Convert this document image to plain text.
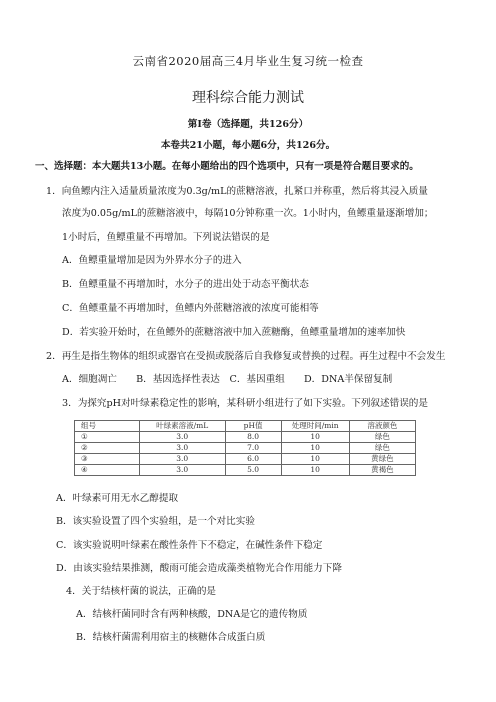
云南省2020届高三4月毕业生复习统一检查
理科综合能力测试
第I卷（选择题，共126分）
本卷共21小题，每小题6分，共126分。
一、选择题：本大题共13小题。在每小题给出的四个选项中，只有一项是符合题目要求的。
1．向鱼鳔内注入适量质量浓度为0.3g/mL的蔗糖溶液，扎紧口并称重，然后将其浸入质量
浓度为0.05g/mL的蔗糖溶液中，每隔10分钟称重一次。1小时内，鱼鳔重量逐渐增加；
1小时后，鱼鳔重量不再增加。下列说法错误的是
A．鱼鳔重量增加是因为外界水分子的进入
B．鱼鳔重量不再增加时，水分子的进出处于动态平衡状态
C．鱼鳔重量不再增加时，鱼鳔内外蔗糖溶液的浓度可能相等
D．若实验开始时，在鱼鳔外的蔗糖溶液中加入蔗糖酶，鱼鳔重量增加的速率加快
2．再生是指生物体的组织或器官在受损或脱落后自我修复或替换的过程。再生过程中不会发生
A．细胞凋亡　　B．基因选择性表达　C．基因重组　　D．DNA半保留复制
3．为探究pH对叶绿素稳定性的影响，某科研小组进行了如下实验。下列叙述错误的是
组号	叶绿素溶液/mL	pH值	处理时间/min	溶液颜色
①	3.0	8.0	10	绿色
②	3.0	7.0	10	绿色
③	3.0	6.0	10	黄绿色
④	3.0	5.0	10	黄褐色
A．叶绿素可用无水乙醇提取
B．该实验设置了四个实验组，是一个对比实验
C．该实验说明叶绿素在酸性条件下不稳定，在碱性条件下稳定
D．由该实验结果推测，酸雨可能会造成藻类植物光合作用能力下降
4．关于结核杆菌的说法，正确的是
A．结核杆菌同时含有两种核酸，DNA是它的遗传物质
B．结核杆菌需利用宿主的核糖体合成蛋白质
